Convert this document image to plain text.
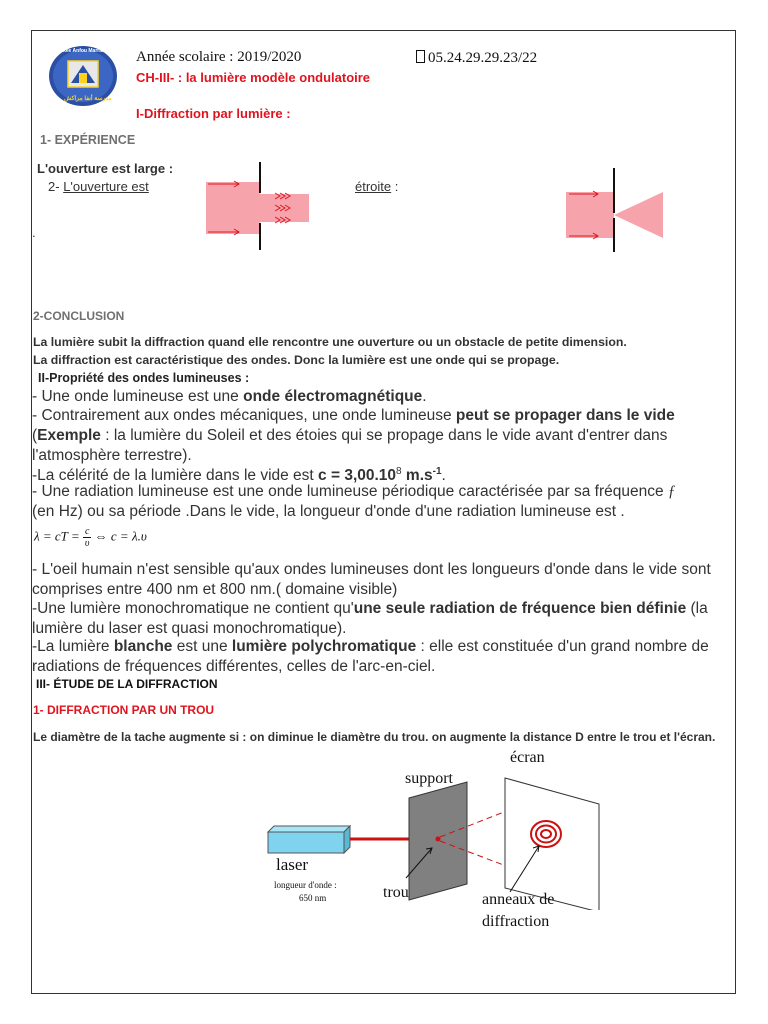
Ecole Anfou Marrakech
مدرسة أنفا مراكش
Année scolaire : 2019/2020	05.24.29.29.23/22
CH-III- : la lumière modèle ondulatoire
I-Diffraction par lumière :
1- EXPÉRIENCE
L'ouverture est large :
2- L'ouverture est	étroite :
.
2-CONCLUSION
La lumière subit la diffraction quand elle rencontre une ouverture ou un obstacle de petite dimension.
La diffraction est caractéristique des ondes. Donc la lumière est une onde qui se propage.
II-Propriété des ondes lumineuses :
- Une onde lumineuse est une onde électromagnétique.
- Contrairement aux ondes mécaniques, une onde lumineuse peut se propager dans le vide
(Exemple : la lumière du Soleil et des étoies qui se propage dans le vide avant d'entrer dans l'atmosphère terrestre).
-La célérité de la lumière dans le vide est $c = 3,00.10^8$ $m.s^{-1}$.
- Une radiation lumineuse est une onde lumineuse périodique caractérisée par sa fréquence ƒ
(en Hz) ou sa période .Dans le vide, la longueur d'onde d'une radiation lumineuse est .
λ = cT = $\frac{c}{\upsilon}$ ⇔ c = λ.υ
- L'oeil humain n'est sensible qu'aux ondes lumineuses dont les longueurs d'onde dans le vide sont comprises entre 400 nm et 800 nm.( domaine visible)
-Une lumière monochromatique ne contient qu'une seule radiation de fréquence bien définie (la lumière du laser est quasi monochromatique).
-La lumière blanche est une lumière polychromatique : elle est constituée d'un grand nombre de radiations de fréquences différentes, celles de l'arc-en-ciel.
III- ÉTUDE DE LA DIFFRACTION
1- DIFFRACTION PAR UN TROU
Le diamètre de la tache augmente si : on diminue le diamètre du trou. on augmente la distance D entre le trou et l'écran.
support
écran
laser
longueur d'onde :
650 nm	trou	anneaux de
diffraction
